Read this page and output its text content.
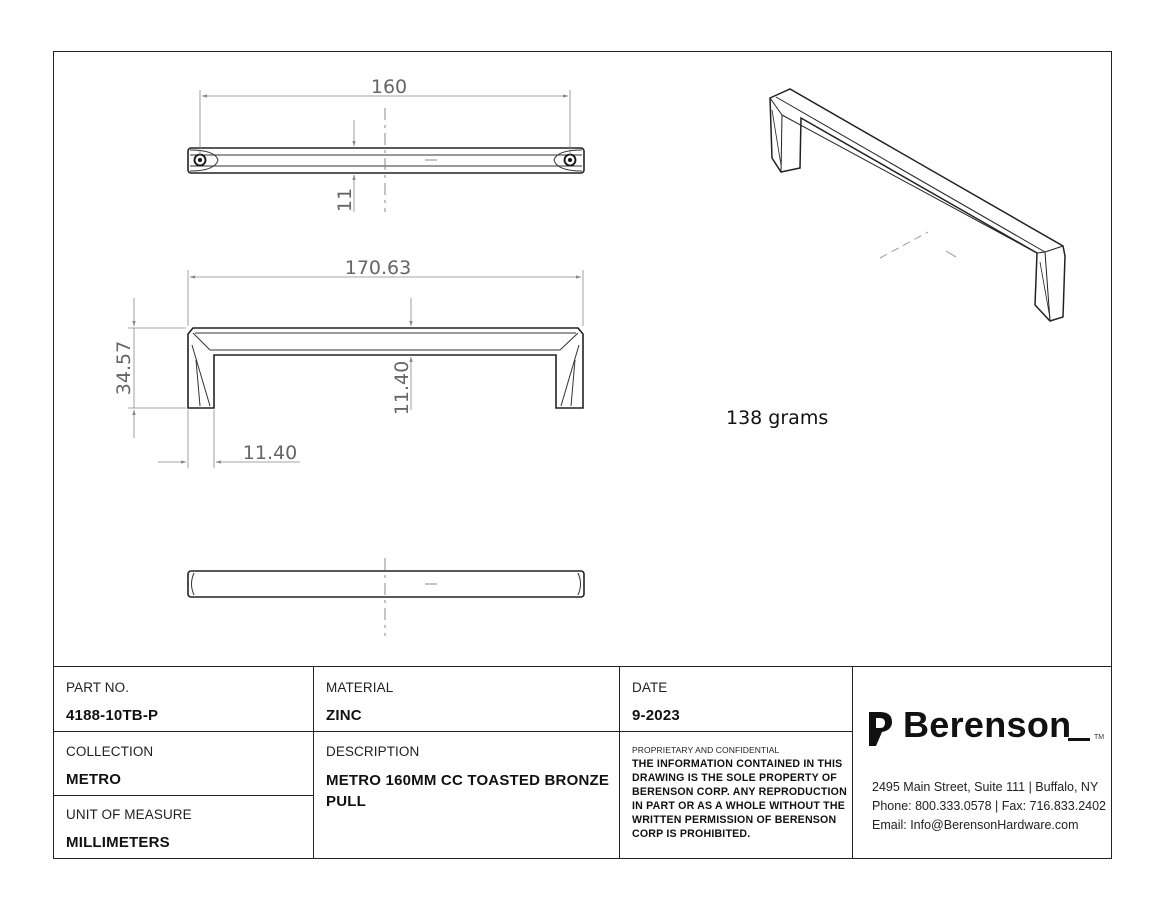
160
11
170.63
34.57	11.40
11.40
138 grams
PART NO.
4188-10TB-P
COLLECTION
METRO
UNIT OF MEASURE
MILLIMETERS
MATERIAL
ZINC
DESCRIPTION
METRO 160MM CC TOASTED BRONZE PULL
DATE
9-2023
PROPRIETARY AND CONFIDENTIAL
THE INFORMATION CONTAINED IN THIS DRAWING IS THE SOLE PROPERTY OF BERENSON CORP. ANY REPRODUCTION IN PART OR AS A WHOLE WITHOUT THE WRITTEN PERMISSION OF BERENSON CORP IS PROHIBITED.
Berenson	TM
2495 Main Street, Suite 111 | Buffalo, NY
Phone: 800.333.0578 | Fax: 716.833.2402
Email: Info@BerensonHardware.com
